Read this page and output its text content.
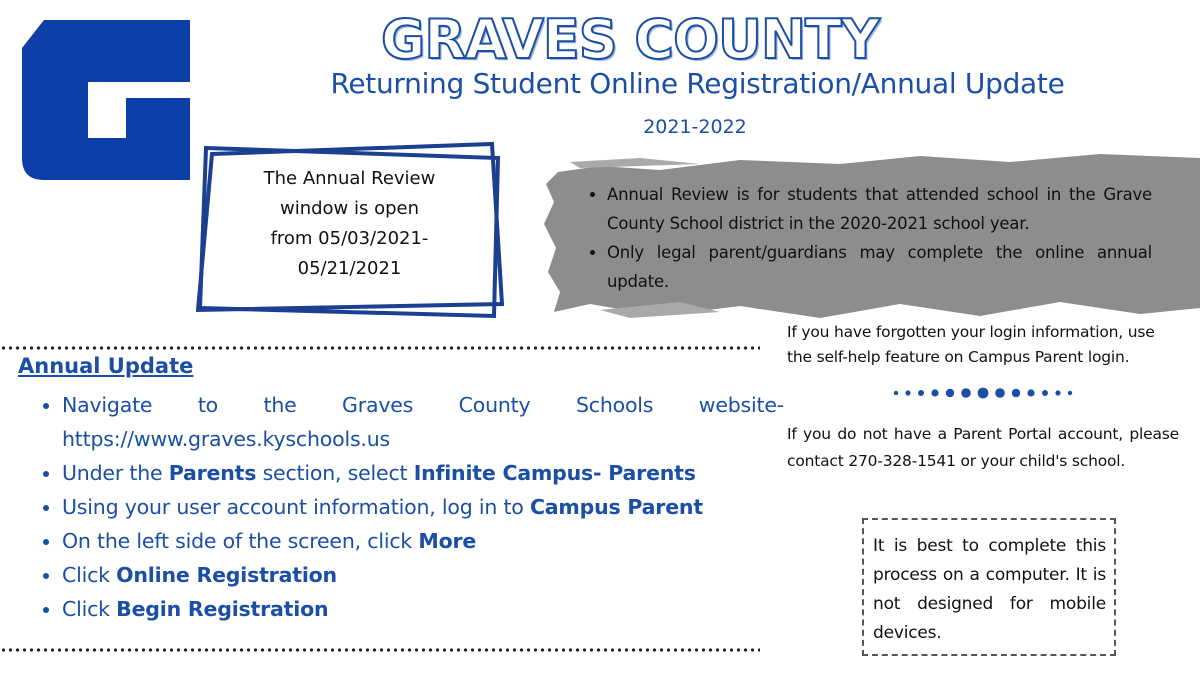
GRAVES COUNTY
Returning Student Online Registration/Annual Update
2021-2022
The Annual Review
window is open
from 05/03/2021-
05/21/2021
• Annual Review is for students that attended school in the Grave County School district in the 2020-2021 school year.
• Only legal parent/guardians may complete the online annual update.
Annual Update
• Navigate to the Graves County Schools website-
https://www.graves.kyschools.us
• Under the Parents section, select Infinite Campus- Parents
• Using your user account information, log in to Campus Parent
• On the left side of the screen, click More
• Click Online Registration
• Click Begin Registration
If you have forgotten your login information, use the self-help feature on Campus Parent login.
If you do not have a Parent Portal account, please contact 270-328-1541 or your child's school.
It is best to complete this process on a computer. It is not designed for mobile devices.
